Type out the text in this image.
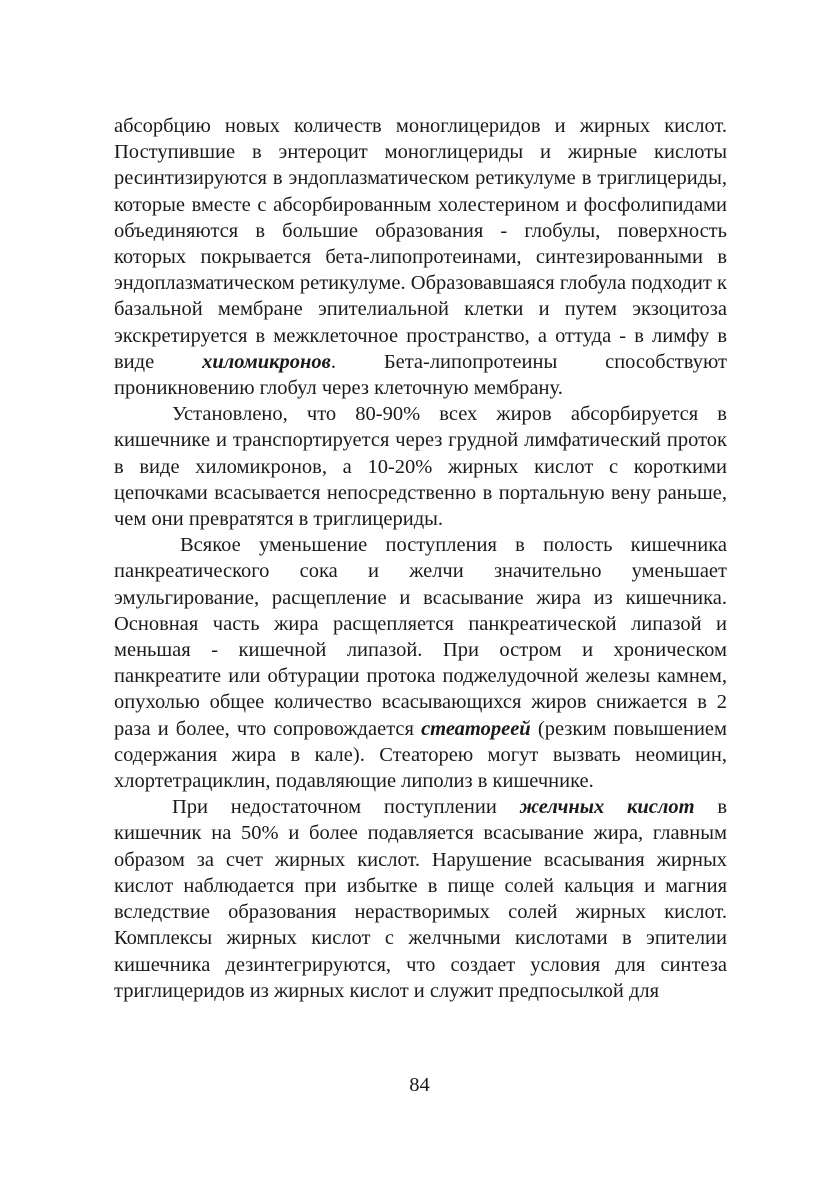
абсорбцию новых количеств моноглицеридов и жирных кислот. Поступившие в энтероцит моноглицериды и жирные кислоты ресинтизируются в эндоплазматическом ретикулуме в триглицериды, которые вместе с абсорбированным холестерином и фосфолипидами объединяются в большие образования - глобулы, поверхность которых покрывается бета-липопротеинами, синтезированными в эндоплазматическом ретикулуме. Образовавшаяся глобула подходит к базальной мембране эпителиальной клетки и путем экзоцитоза экскретируется в межклеточное пространство, а оттуда - в лимфу в виде хиломикронов. Бета-липопротеины способствуют проникновению глобул через клеточную мембрану.

Установлено, что 80-90% всех жиров абсорбируется в кишечнике и транспортируется через грудной лимфатический проток в виде хиломикронов, а 10-20% жирных кислот с короткими цепочками всасывается непосредственно в портальную вену раньше, чем они превратятся в триглицериды.

Всякое уменьшение поступления в полость кишечника панкреатического сока и желчи значительно уменьшает эмульгирование, расщепление и всасывание жира из кишечника. Основная часть жира расщепляется панкреатической липазой и меньшая - кишечной липазой. При остром и хроническом панкреатите или обтурации протока поджелудочной железы камнем, опухолью общее количество всасывающихся жиров снижается в 2 раза и более, что сопровождается стеатореей (резким повышением содержания жира в кале). Стеаторею могут вызвать неомицин, хлортетрациклин, подавляющие липолиз в кишечнике.

При недостаточном поступлении желчных кислот в кишечник на 50% и более подавляется всасывание жира, главным образом за счет жирных кислот. Нарушение всасывания жирных кислот наблюдается при избытке в пище солей кальция и магния вследствие образования нерастворимых солей жирных кислот. Комплексы жирных кислот с желчными кислотами в эпителии кишечника дезинтегрируются, что создает условия для синтеза триглицеридов из жирных кислот и служит предпосылкой для

84
